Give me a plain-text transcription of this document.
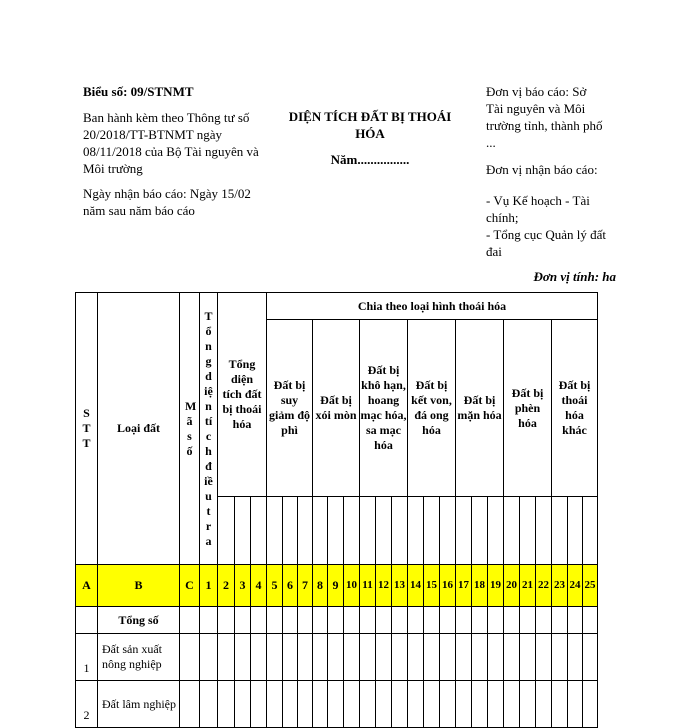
Biểu số: 09/STNMT
Ban hành kèm theo Thông tư số 20/2018/TT-BTNMT ngày 08/11/2018 của Bộ Tài nguyên và Môi trường
Ngày nhận báo cáo: Ngày 15/02 năm sau năm báo cáo
DIỆN TÍCH ĐẤT BỊ THOÁI
HÓA
Năm................
Đơn vị báo cáo: Sở Tài nguyên và Môi trường tỉnh, thành phố ...
Đơn vị nhận báo cáo:
- Vụ Kế hoạch - Tài chính;
- Tổng cục Quản lý đất đai
Đơn vị tính: ha
STT	Loại đất	Mã số	Tổng diện tích điều tra	Tổng diện tích đất bị thoái hóa			Chia theo loại hình thoái hóa																				
							Đất bị suy giảm độ phì			Đất bị xói mòn			Đất bị khô hạn, hoang mạc hóa, sa mạc hóa			Đất bị kết von, đá ong hóa			Đất bị mặn hóa			Đất bị phèn hóa			Đất bị thoái hóa khác		

A	B	C	1	2	3	4	5	6	7	8	9	10	11	12	13	14	15	16	17	18	19	20	21	22	23	24	25
	Tổng số																										
1	Đất sản xuất nông nghiệp																										
2	Đất lâm nghiệp																										
